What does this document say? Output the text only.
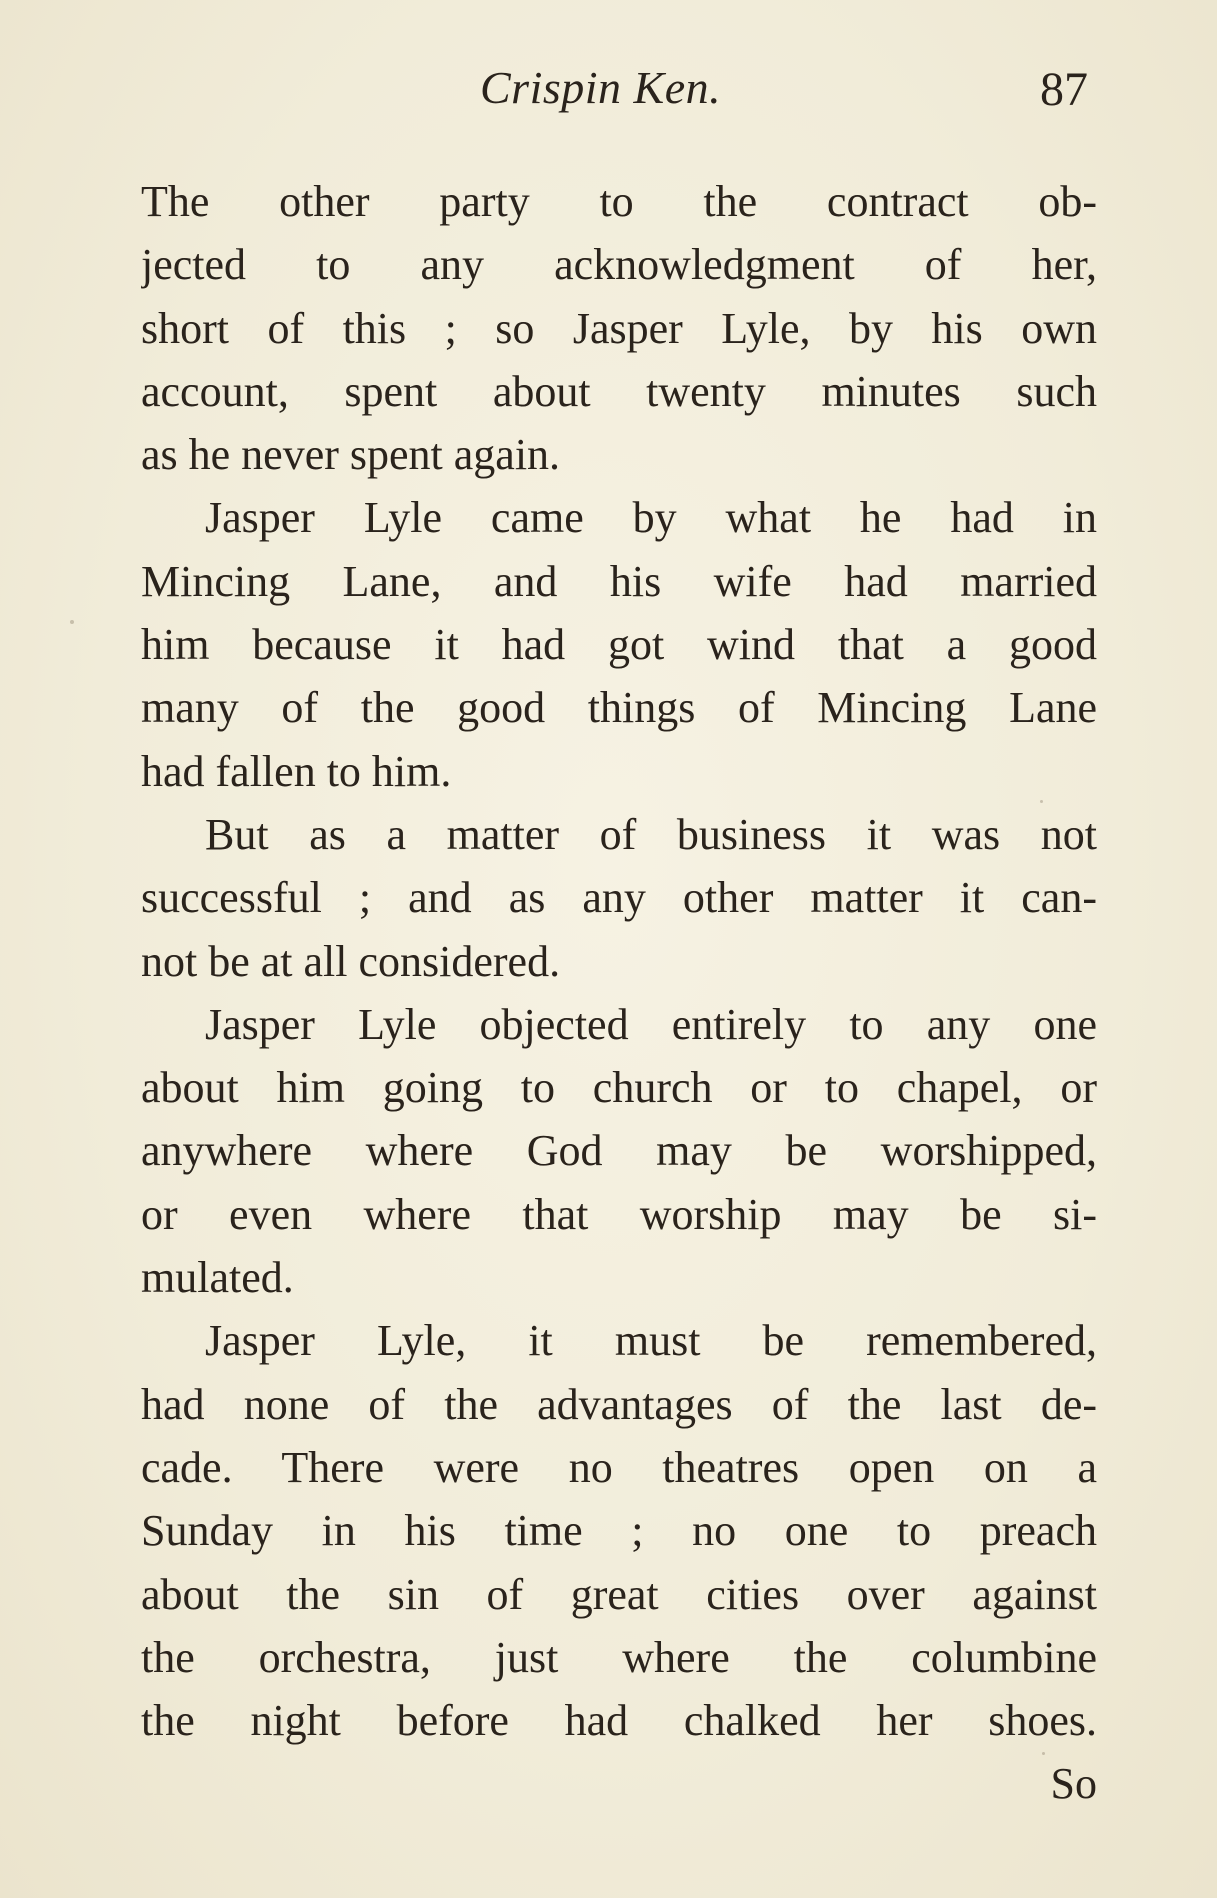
Crispin Ken.	87
The other party to the contract ob-
jected to any acknowledgment of her,
short of this ; so Jasper Lyle, by his own
account, spent about twenty minutes such
as he never spent again.
Jasper Lyle came by what he had in
Mincing Lane, and his wife had married
him because it had got wind that a good
many of the good things of Mincing Lane
had fallen to him.
But as a matter of business it was not
successful ; and as any other matter it can-
not be at all considered.
Jasper Lyle objected entirely to any one
about him going to church or to chapel, or
anywhere where God may be worshipped,
or even where that worship may be si-
mulated.
Jasper Lyle, it must be remembered,
had none of the advantages of the last de-
cade. There were no theatres open on a
Sunday in his time ; no one to preach
about the sin of great cities over against
the orchestra, just where the columbine
the night before had chalked her shoes.
So
